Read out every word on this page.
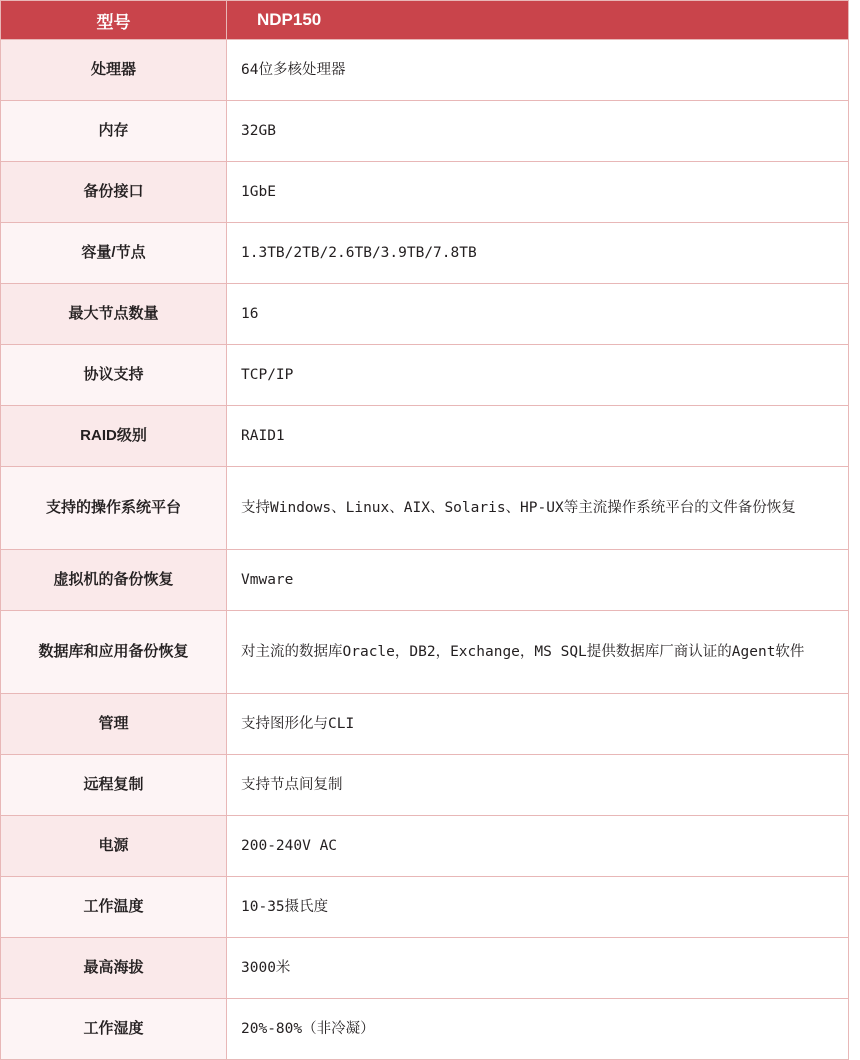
型号	NDP150
处理器	64位多核处理器
内存	32GB
备份接口	1GbE
容量/节点	1.3TB/2TB/2.6TB/3.9TB/7.8TB
最大节点数量	16
协议支持	TCP/IP
RAID级别	RAID1
支持的操作系统平台	支持Windows、Linux、AIX、Solaris、HP-UX等主流操作系统平台的文件备份恢复
虚拟机的备份恢复	Vmware
数据库和应用备份恢复	对主流的数据库Oracle，DB2，Exchange，MS SQL提供数据库厂商认证的Agent软件
管理	支持图形化与CLI
远程复制	支持节点间复制
电源	200-240V AC
工作温度	10-35摄氏度
最高海拔	3000米
工作湿度	20%-80%（非冷凝）
